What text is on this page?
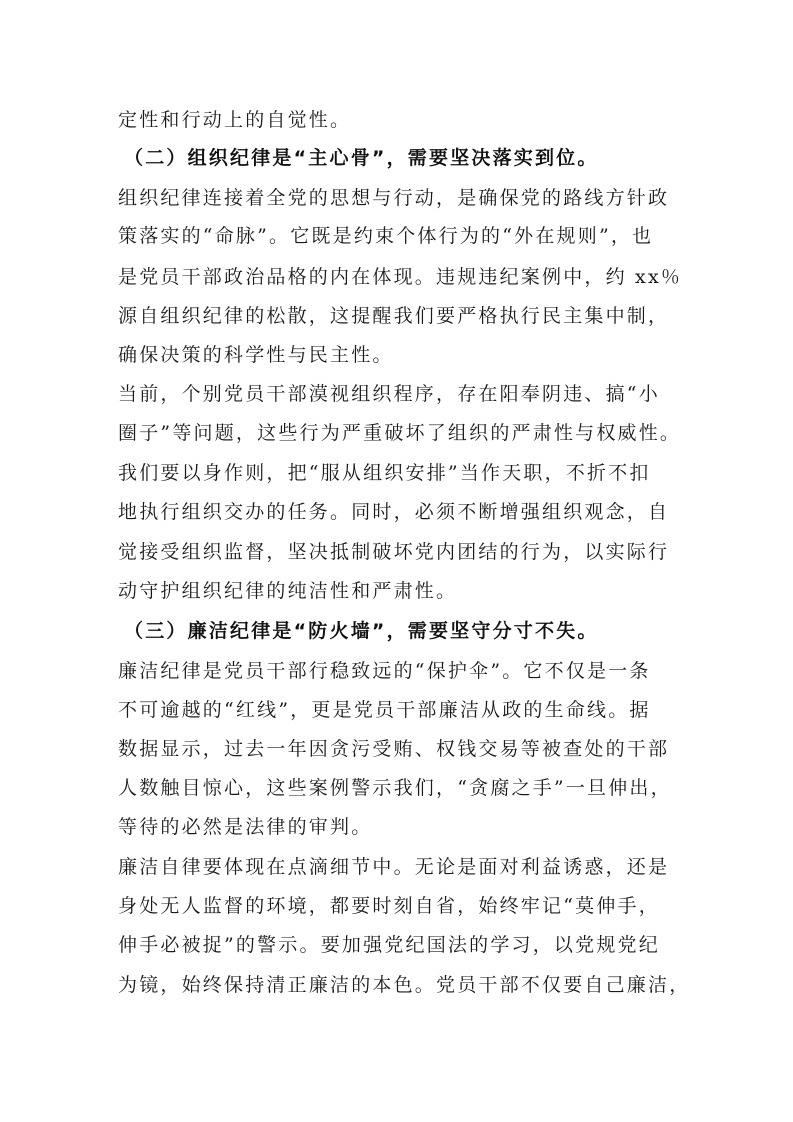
定性和行动上的自觉性。
（二）组织纪律是“主心骨”，需要坚决落实到位。
组织纪律连接着全党的思想与行动，是确保党的路线方针政
策落实的“命脉”。它既是约束个体行为的“外在规则”，也
是党员干部政治品格的内在体现。违规违纪案例中，约 xx％
源自组织纪律的松散，这提醒我们要严格执行民主集中制，
确保决策的科学性与民主性。
当前，个别党员干部漠视组织程序，存在阳奉阴违、搞“小
圈子”等问题，这些行为严重破坏了组织的严肃性与权威性。
我们要以身作则，把“服从组织安排”当作天职，不折不扣
地执行组织交办的任务。同时，必须不断增强组织观念，自
觉接受组织监督，坚决抵制破坏党内团结的行为，以实际行
动守护组织纪律的纯洁性和严肃性。
（三）廉洁纪律是“防火墙”，需要坚守分寸不失。
廉洁纪律是党员干部行稳致远的“保护伞”。它不仅是一条
不可逾越的“红线”，更是党员干部廉洁从政的生命线。据
数据显示，过去一年因贪污受贿、权钱交易等被查处的干部
人数触目惊心，这些案例警示我们，“贪腐之手”一旦伸出，
等待的必然是法律的审判。
廉洁自律要体现在点滴细节中。无论是面对利益诱惑，还是
身处无人监督的环境，都要时刻自省，始终牢记“莫伸手，
伸手必被捉”的警示。要加强党纪国法的学习，以党规党纪
为镜，始终保持清正廉洁的本色。党员干部不仅要自己廉洁，
